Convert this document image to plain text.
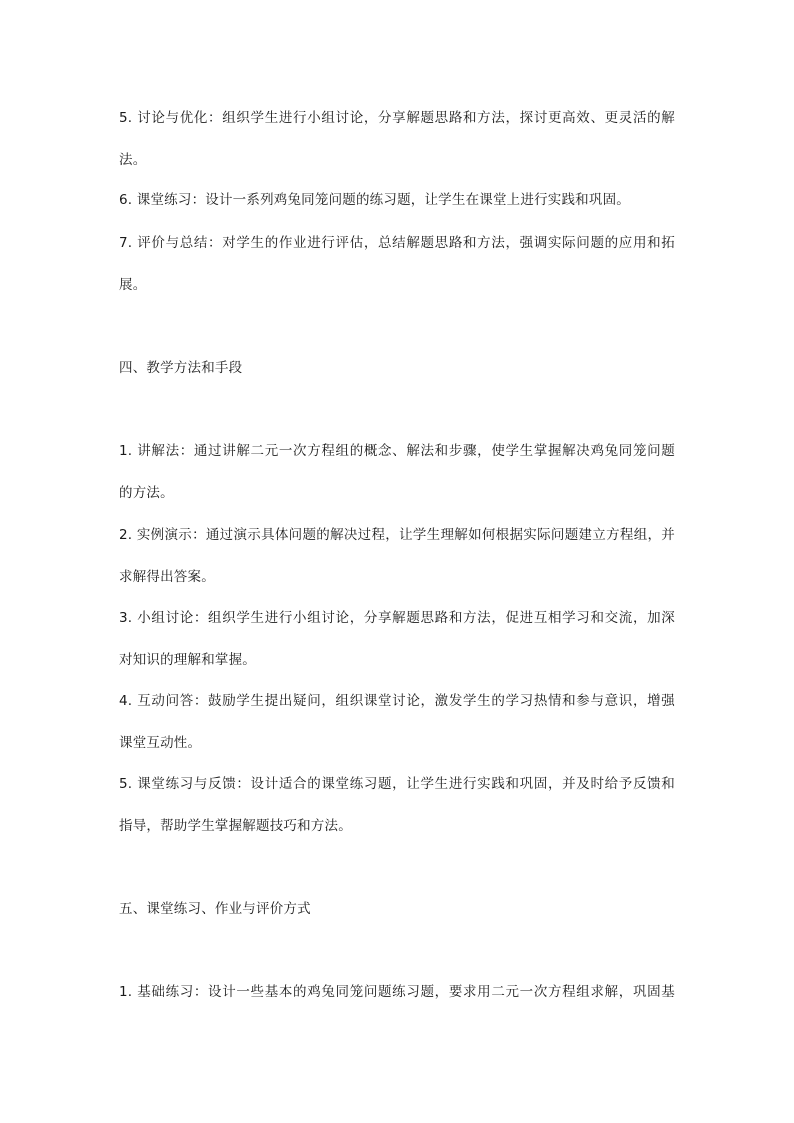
5. 讨论与优化：组织学生进行小组讨论，分享解题思路和方法，探讨更高效、更灵活的解
法。
6. 课堂练习：设计一系列鸡兔同笼问题的练习题，让学生在课堂上进行实践和巩固。
7. 评价与总结：对学生的作业进行评估，总结解题思路和方法，强调实际问题的应用和拓
展。
四、教学方法和手段
1. 讲解法：通过讲解二元一次方程组的概念、解法和步骤，使学生掌握解决鸡兔同笼问题
的方法。
2. 实例演示：通过演示具体问题的解决过程，让学生理解如何根据实际问题建立方程组，并
求解得出答案。
3. 小组讨论：组织学生进行小组讨论，分享解题思路和方法，促进互相学习和交流，加深
对知识的理解和掌握。
4. 互动问答：鼓励学生提出疑问，组织课堂讨论，激发学生的学习热情和参与意识，增强
课堂互动性。
5. 课堂练习与反馈：设计适合的课堂练习题，让学生进行实践和巩固，并及时给予反馈和
指导，帮助学生掌握解题技巧和方法。
五、课堂练习、作业与评价方式
1. 基础练习：设计一些基本的鸡兔同笼问题练习题，要求用二元一次方程组求解，巩固基
